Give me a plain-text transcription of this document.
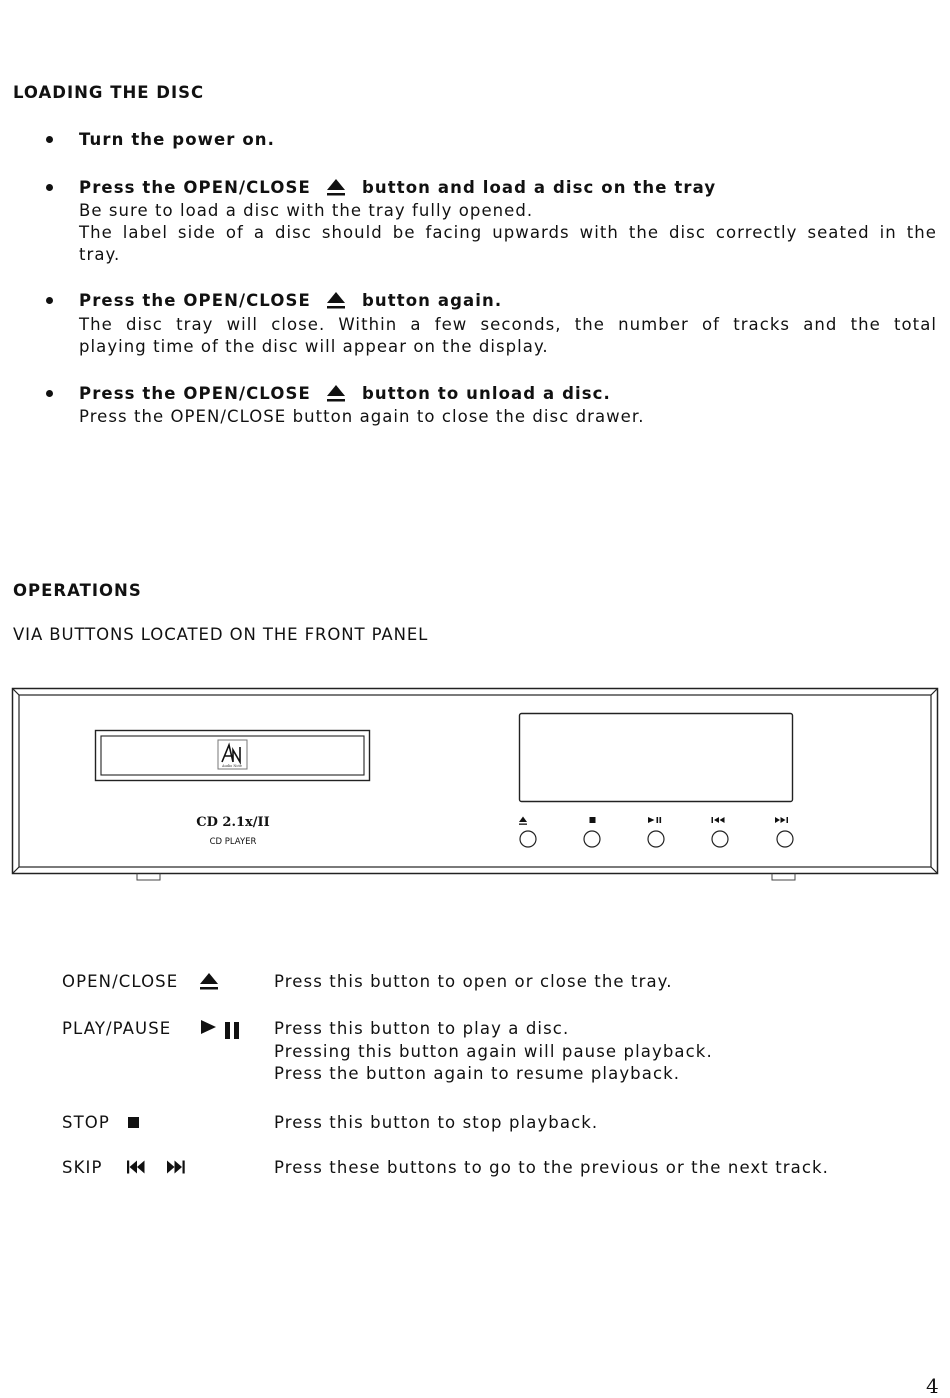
LOADING THE DISC
Turn the power on.
Press the OPEN/CLOSE	button and load a disc on the tray
Be sure to load a disc with the tray fully opened.
The label side of a disc should be facing upwards with the disc correctly seated in the
tray.
Press the OPEN/CLOSE	button again.
The disc tray will close. Within a few seconds, the number of tracks and the total
playing time of the disc will appear on the display.
Press the OPEN/CLOSE	button to unload a disc.
Press the OPEN/CLOSE button again to close the disc drawer.
OPERATIONS
VIA BUTTONS LOCATED ON THE FRONT PANEL
Audio Note
CD 2.1x/II
CD PLAYER
OPEN/CLOSE	Press this button to open or close the tray.
PLAY/PAUSE	Press this button to play a disc.
Pressing this button again will pause playback.
Press the button again to resume playback.
STOP	Press this button to stop playback.
SKIP	Press these buttons to go to the previous or the next track.
4
